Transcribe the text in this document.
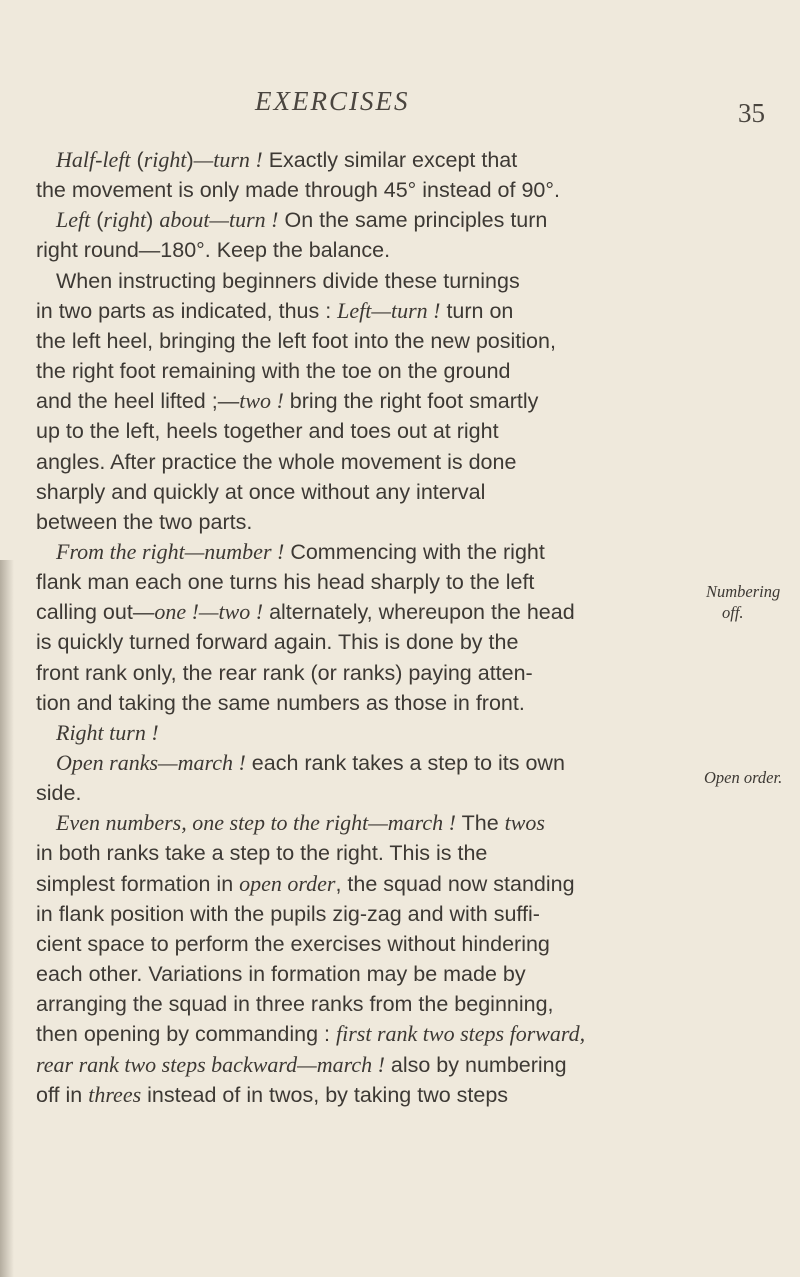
EXERCISES	35
Half-left (right)—turn ! Exactly similar except that
the movement is only made through 45° instead of 90°.
Left (right) about—turn ! On the same principles turn
right round—180°. Keep the balance.
When instructing beginners divide these turnings
in two parts as indicated, thus : Left—turn ! turn on
the left heel, bringing the left foot into the new position,
the right foot remaining with the toe on the ground
and the heel lifted ;—two ! bring the right foot smartly
up to the left, heels together and toes out at right
angles. After practice the whole movement is done
sharply and quickly at once without any interval
between the two parts.
From the right—number ! Commencing with the right
flank man each one turns his head sharply to the left
calling out—one !—two ! alternately, whereupon the head
is quickly turned forward again. This is done by the
front rank only, the rear rank (or ranks) paying atten-
tion and taking the same numbers as those in front.
Right turn !
Open ranks—march ! each rank takes a step to its own
side.
Even numbers, one step to the right—march ! The twos
in both ranks take a step to the right. This is the
simplest formation in open order, the squad now standing
in flank position with the pupils zig-zag and with suffi-
cient space to perform the exercises without hindering
each other. Variations in formation may be made by
arranging the squad in three ranks from the beginning,
then opening by commanding : first rank two steps forward,
rear rank two steps backward—march ! also by numbering
off in threes instead of in twos, by taking two steps
Numbering
off.
Open order.
